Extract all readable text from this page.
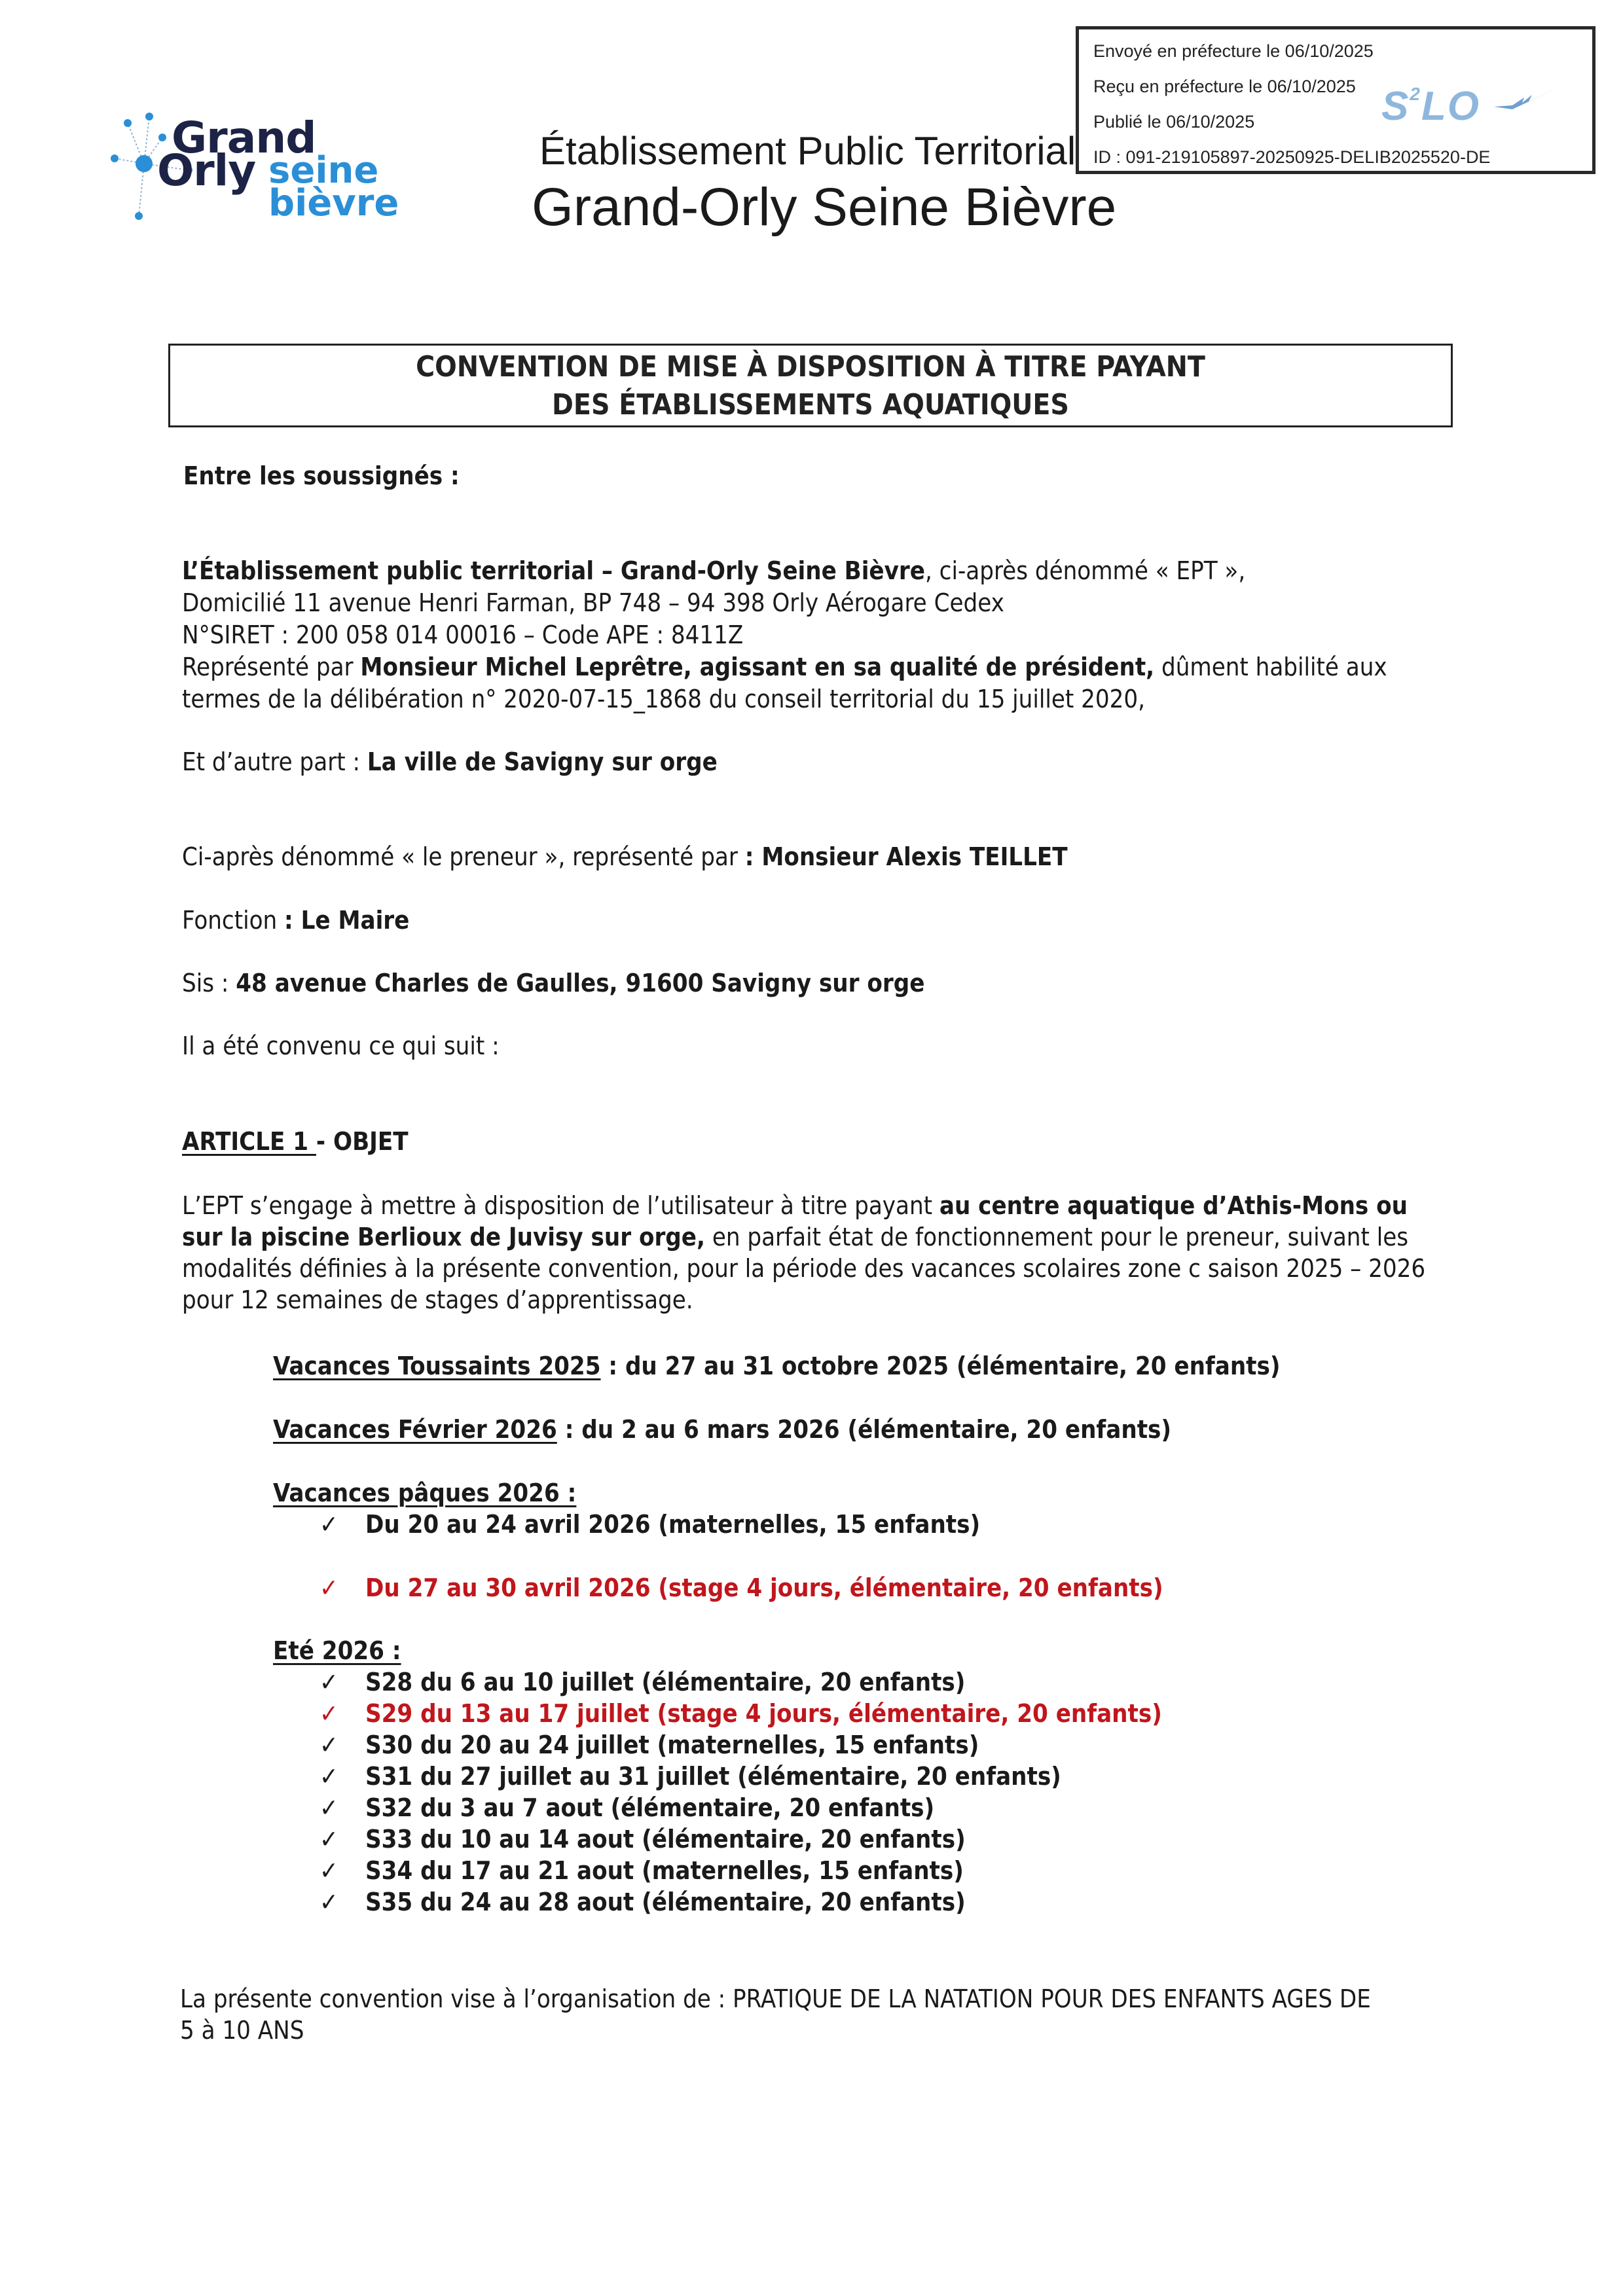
Envoyé en préfecture le 06/10/2025
Reçu en préfecture le 06/10/2025
Publié le 06/10/2025
ID : 091-219105897-20250925-DELIB2025520-DE
$S^2LO$
Grand
Orly seine
bièvre
Établissement Public Territorial
Grand-Orly Seine Bièvre
CONVENTION DE MISE À DISPOSITION À TITRE PAYANT
DES ÉTABLISSEMENTS AQUATIQUES
Entre les soussignés :
L’Établissement public territorial – Grand-Orly Seine Bièvre, ci-après dénommé « EPT »,
Domicilié 11 avenue Henri Farman, BP 748 – 94 398 Orly Aérogare Cedex
N°SIRET : 200 058 014 00016 – Code APE : 8411Z
Représenté par Monsieur Michel Leprêtre, agissant en sa qualité de président, dûment habilité aux
termes de la délibération n° 2020-07-15_1868 du conseil territorial du 15 juillet 2020,
Et d’autre part : La ville de Savigny sur orge
Ci-après dénommé « le preneur », représenté par : Monsieur Alexis TEILLET
Fonction : Le Maire
Sis : 48 avenue Charles de Gaulles, 91600 Savigny sur orge
Il a été convenu ce qui suit :
ARTICLE 1 - OBJET
L’EPT s’engage à mettre à disposition de l’utilisateur à titre payant au centre aquatique d’Athis-Mons ou
sur la piscine Berlioux de Juvisy sur orge, en parfait état de fonctionnement pour le preneur, suivant les
modalités définies à la présente convention, pour la période des vacances scolaires zone c saison 2025 – 2026
pour 12 semaines de stages d’apprentissage.
Vacances Toussaints 2025 : du 27 au 31 octobre 2025 (élémentaire, 20 enfants)
Vacances Février 2026 : du 2 au 6 mars 2026 (élémentaire, 20 enfants)
Vacances pâques 2026 :
✓ Du 20 au 24 avril 2026 (maternelles, 15 enfants)
✓ Du 27 au 30 avril 2026 (stage 4 jours, élémentaire, 20 enfants)
Eté 2026 :
✓ S28 du 6 au 10 juillet (élémentaire, 20 enfants)
✓ S29 du 13 au 17 juillet (stage 4 jours, élémentaire, 20 enfants)
✓ S30 du 20 au 24 juillet (maternelles, 15 enfants)
✓ S31 du 27 juillet au 31 juillet (élémentaire, 20 enfants)
✓ S32 du 3 au 7 aout (élémentaire, 20 enfants)
✓ S33 du 10 au 14 aout (élémentaire, 20 enfants)
✓ S34 du 17 au 21 aout (maternelles, 15 enfants)
✓ S35 du 24 au 28 aout (élémentaire, 20 enfants)
La présente convention vise à l’organisation de : PRATIQUE DE LA NATATION POUR DES ENFANTS AGES DE
5 à 10 ANS
